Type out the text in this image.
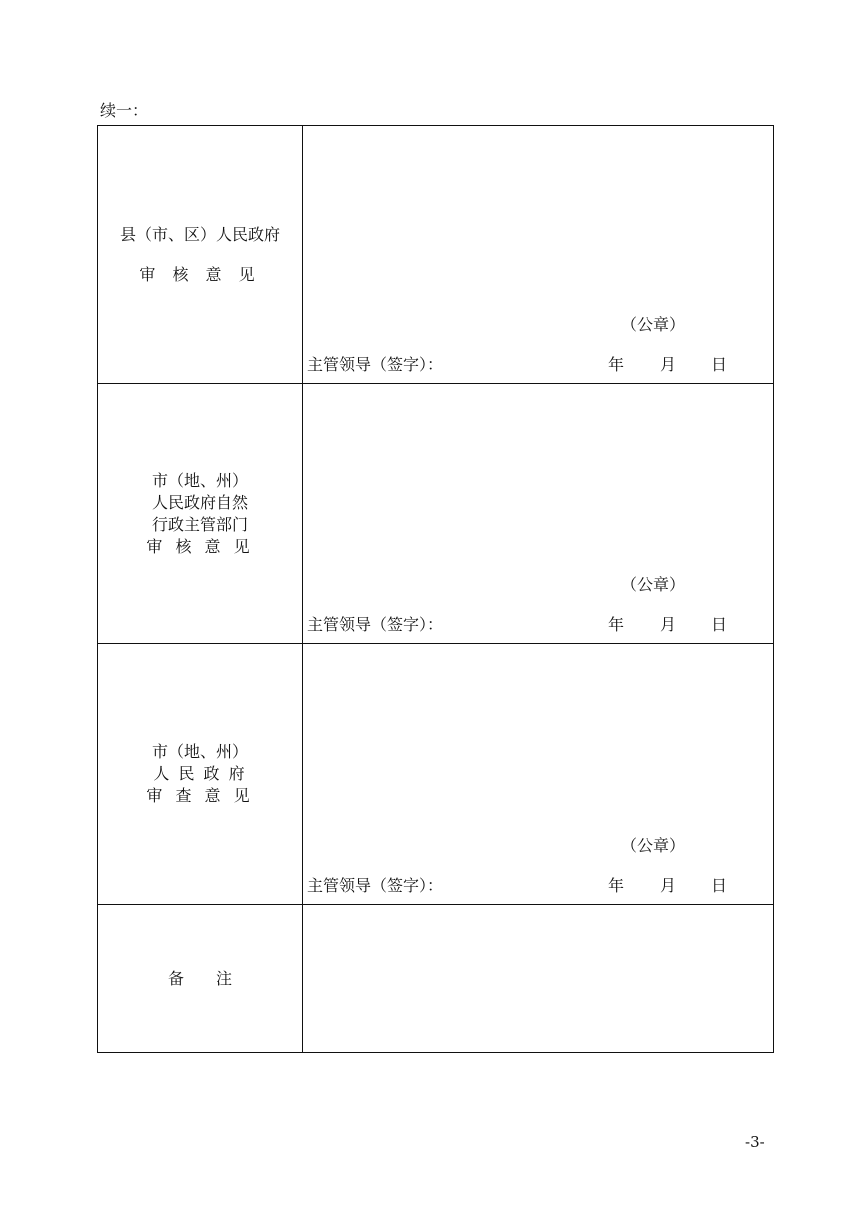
续一：
县（市、区）人民政府
审 核 意 见	（公章）
主管领导（签字）： 年 月 日

市（地、州）
人民政府自然
行政主管部门
审 核 意 见	（公章）
主管领导（签字）： 年 月 日

市（地、州）
人 民 政 府
审 查 意 见	（公章）
主管领导（签字）： 年 月 日

备　　注	

-3-
